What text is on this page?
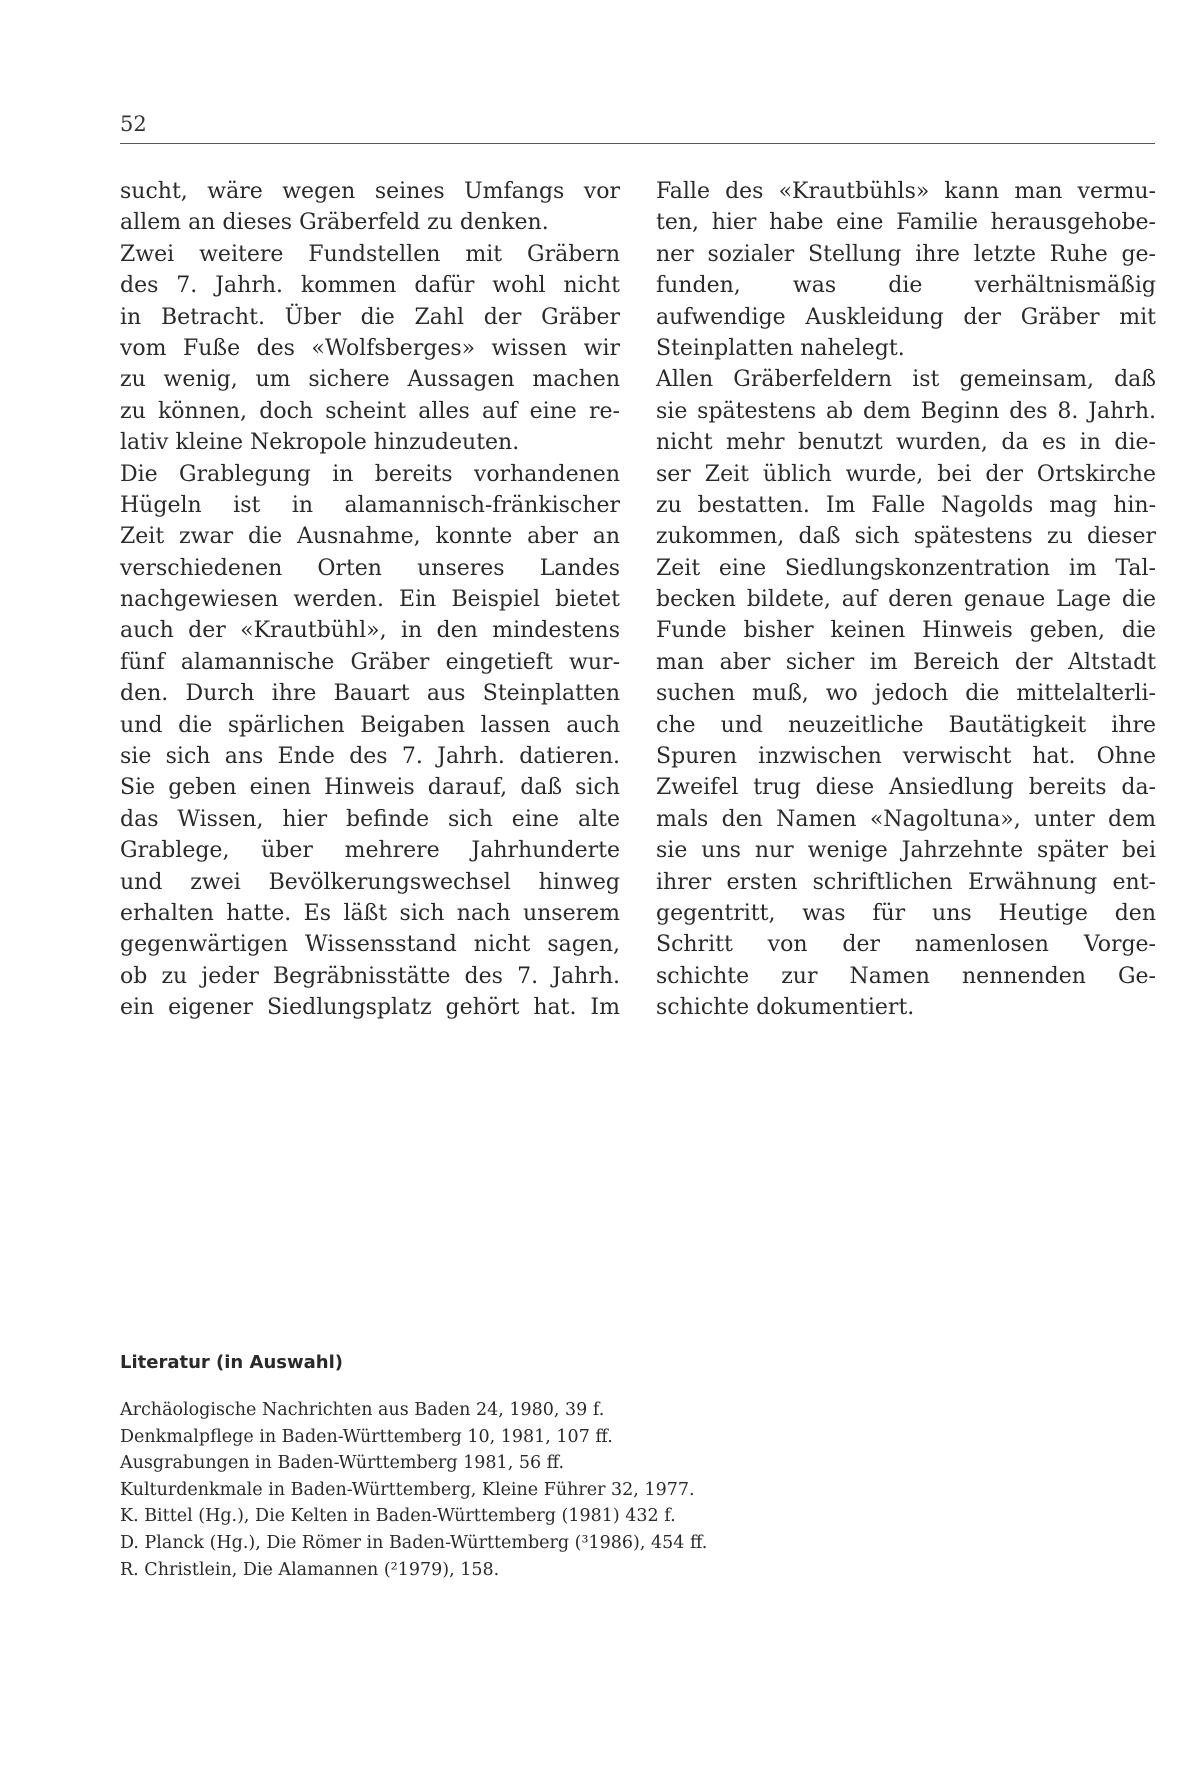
52
sucht, wäre wegen seines Umfangs vor
allem an dieses Gräberfeld zu denken.
Zwei weitere Fundstellen mit Gräbern
des 7. Jahrh. kommen dafür wohl nicht
in Betracht. Über die Zahl der Gräber
vom Fuße des «Wolfsberges» wissen wir
zu wenig, um sichere Aussagen machen
zu können, doch scheint alles auf eine re-
lativ kleine Nekropole hinzudeuten.
Die Grablegung in bereits vorhandenen
Hügeln ist in alamannisch-fränkischer
Zeit zwar die Ausnahme, konnte aber an
verschiedenen Orten unseres Landes
nachgewiesen werden. Ein Beispiel bietet
auch der «Krautbühl», in den mindestens
fünf alamannische Gräber eingetieft wur-
den. Durch ihre Bauart aus Steinplatten
und die spärlichen Beigaben lassen auch
sie sich ans Ende des 7. Jahrh. datieren.
Sie geben einen Hinweis darauf, daß sich
das Wissen, hier befinde sich eine alte
Grablege, über mehrere Jahrhunderte
und zwei Bevölkerungswechsel hinweg
erhalten hatte. Es läßt sich nach unserem
gegenwärtigen Wissensstand nicht sagen,
ob zu jeder Begräbnisstätte des 7. Jahrh.
ein eigener Siedlungsplatz gehört hat. Im
Falle des «Krautbühls» kann man vermu-
ten, hier habe eine Familie herausgehobe-
ner sozialer Stellung ihre letzte Ruhe ge-
funden, was die verhältnismäßig
aufwendige Auskleidung der Gräber mit
Steinplatten nahelegt.
Allen Gräberfeldern ist gemeinsam, daß
sie spätestens ab dem Beginn des 8. Jahrh.
nicht mehr benutzt wurden, da es in die-
ser Zeit üblich wurde, bei der Ortskirche
zu bestatten. Im Falle Nagolds mag hin-
zukommen, daß sich spätestens zu dieser
Zeit eine Siedlungskonzentration im Tal-
becken bildete, auf deren genaue Lage die
Funde bisher keinen Hinweis geben, die
man aber sicher im Bereich der Altstadt
suchen muß, wo jedoch die mittelalterli-
che und neuzeitliche Bautätigkeit ihre
Spuren inzwischen verwischt hat. Ohne
Zweifel trug diese Ansiedlung bereits da-
mals den Namen «Nagoltuna», unter dem
sie uns nur wenige Jahrzehnte später bei
ihrer ersten schriftlichen Erwähnung ent-
gegentritt, was für uns Heutige den
Schritt von der namenlosen Vorge-
schichte zur Namen nennenden Ge-
schichte dokumentiert.
Literatur (in Auswahl)
Archäologische Nachrichten aus Baden 24, 1980, 39 f.
Denkmalpflege in Baden-Württemberg 10, 1981, 107 ff.
Ausgrabungen in Baden-Württemberg 1981, 56 ff.
Kulturdenkmale in Baden-Württemberg, Kleine Führer 32, 1977.
K. Bittel (Hg.), Die Kelten in Baden-Württemberg (1981) 432 f.
D. Planck (Hg.), Die Römer in Baden-Württemberg (³1986), 454 ff.
R. Christlein, Die Alamannen (²1979), 158.
